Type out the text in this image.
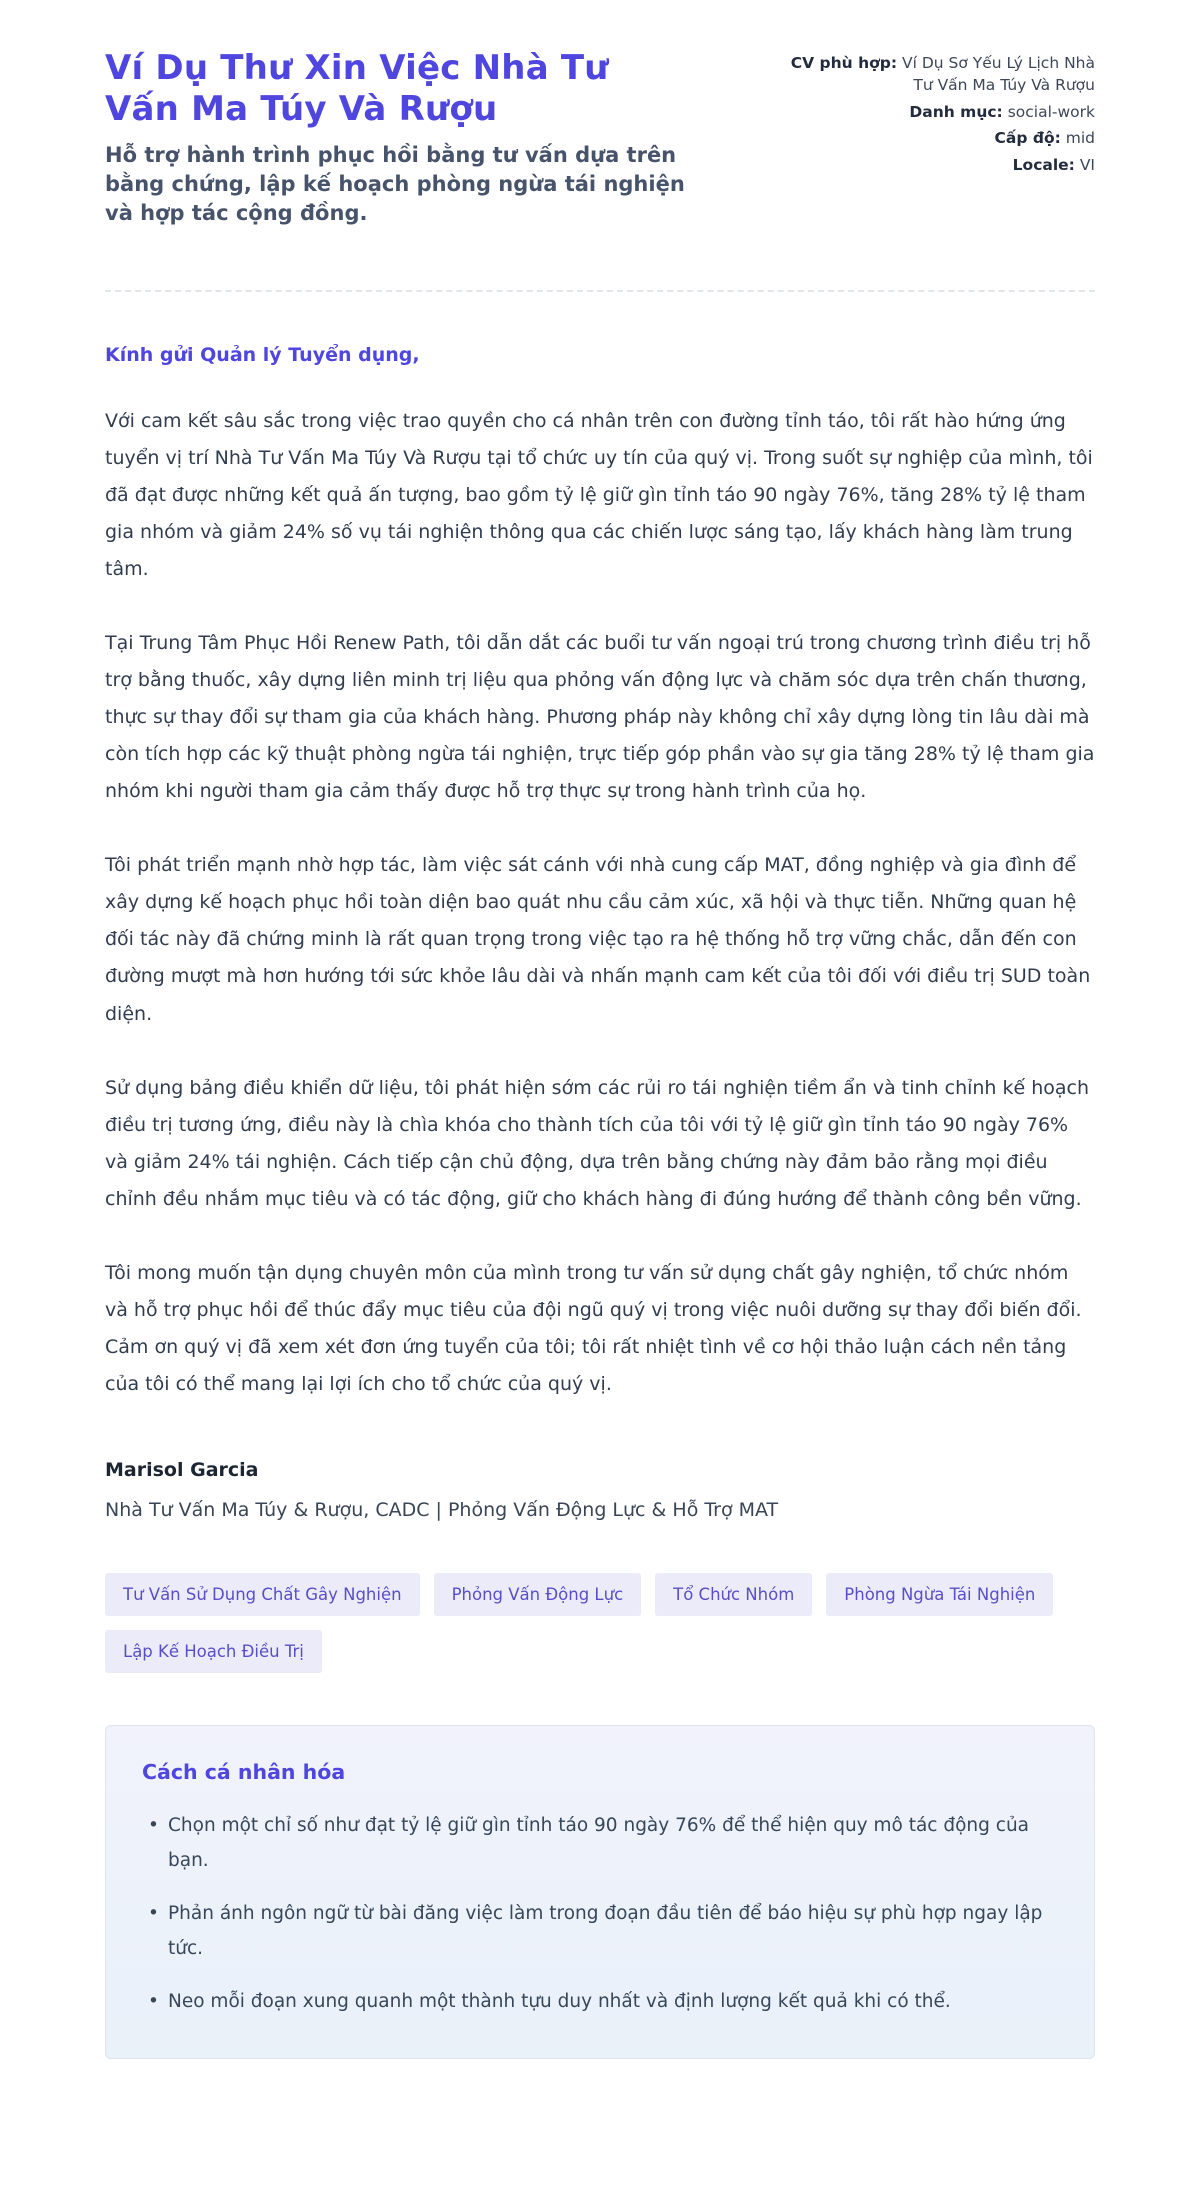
Ví Dụ Thư Xin Việc Nhà Tư Vấn Ma Túy Và Rượu
Hỗ trợ hành trình phục hồi bằng tư vấn dựa trên bằng chứng, lập kế hoạch phòng ngừa tái nghiện và hợp tác cộng đồng.
CV phù hợp: Ví Dụ Sơ Yếu Lý Lịch Nhà Tư Vấn Ma Túy Và Rượu
Danh mục: social-work
Cấp độ: mid
Locale: VI
Kính gửi Quản lý Tuyển dụng,

Với cam kết sâu sắc trong việc trao quyền cho cá nhân trên con đường tỉnh táo, tôi rất hào hứng ứng tuyển vị trí Nhà Tư Vấn Ma Túy Và Rượu tại tổ chức uy tín của quý vị. Trong suốt sự nghiệp của mình, tôi đã đạt được những kết quả ấn tượng, bao gồm tỷ lệ giữ gìn tỉnh táo 90 ngày 76%, tăng 28% tỷ lệ tham gia nhóm và giảm 24% số vụ tái nghiện thông qua các chiến lược sáng tạo, lấy khách hàng làm trung tâm.

Tại Trung Tâm Phục Hồi Renew Path, tôi dẫn dắt các buổi tư vấn ngoại trú trong chương trình điều trị hỗ trợ bằng thuốc, xây dựng liên minh trị liệu qua phỏng vấn động lực và chăm sóc dựa trên chấn thương, thực sự thay đổi sự tham gia của khách hàng. Phương pháp này không chỉ xây dựng lòng tin lâu dài mà còn tích hợp các kỹ thuật phòng ngừa tái nghiện, trực tiếp góp phần vào sự gia tăng 28% tỷ lệ tham gia nhóm khi người tham gia cảm thấy được hỗ trợ thực sự trong hành trình của họ.

Tôi phát triển mạnh nhờ hợp tác, làm việc sát cánh với nhà cung cấp MAT, đồng nghiệp và gia đình để xây dựng kế hoạch phục hồi toàn diện bao quát nhu cầu cảm xúc, xã hội và thực tiễn. Những quan hệ đối tác này đã chứng minh là rất quan trọng trong việc tạo ra hệ thống hỗ trợ vững chắc, dẫn đến con đường mượt mà hơn hướng tới sức khỏe lâu dài và nhấn mạnh cam kết của tôi đối với điều trị SUD toàn diện.

Sử dụng bảng điều khiển dữ liệu, tôi phát hiện sớm các rủi ro tái nghiện tiềm ẩn và tinh chỉnh kế hoạch điều trị tương ứng, điều này là chìa khóa cho thành tích của tôi với tỷ lệ giữ gìn tỉnh táo 90 ngày 76% và giảm 24% tái nghiện. Cách tiếp cận chủ động, dựa trên bằng chứng này đảm bảo rằng mọi điều chỉnh đều nhắm mục tiêu và có tác động, giữ cho khách hàng đi đúng hướng để thành công bền vững.

Tôi mong muốn tận dụng chuyên môn của mình trong tư vấn sử dụng chất gây nghiện, tổ chức nhóm và hỗ trợ phục hồi để thúc đẩy mục tiêu của đội ngũ quý vị trong việc nuôi dưỡng sự thay đổi biến đổi. Cảm ơn quý vị đã xem xét đơn ứng tuyển của tôi; tôi rất nhiệt tình về cơ hội thảo luận cách nền tảng của tôi có thể mang lại lợi ích cho tổ chức của quý vị.

Marisol Garcia
Nhà Tư Vấn Ma Túy & Rượu, CADC | Phỏng Vấn Động Lực & Hỗ Trợ MAT
Tư Vấn Sử Dụng Chất Gây Nghiện	Phỏng Vấn Động Lực	Tổ Chức Nhóm	Phòng Ngừa Tái Nghiện
Lập Kế Hoạch Điều Trị
Cách cá nhân hóa
• Chọn một chỉ số như đạt tỷ lệ giữ gìn tỉnh táo 90 ngày 76% để thể hiện quy mô tác động của bạn.
• Phản ánh ngôn ngữ từ bài đăng việc làm trong đoạn đầu tiên để báo hiệu sự phù hợp ngay lập tức.
• Neo mỗi đoạn xung quanh một thành tựu duy nhất và định lượng kết quả khi có thể.
